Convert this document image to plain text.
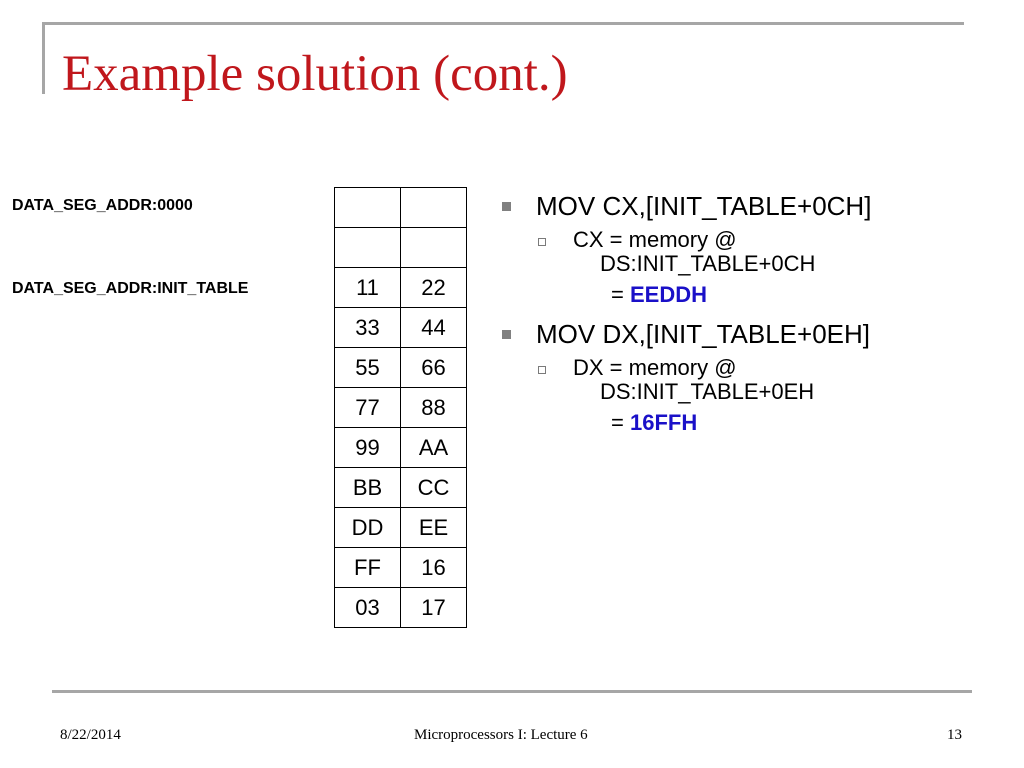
Example solution (cont.)
DATA_SEG_ADDR:0000
DATA_SEG_ADDR:INIT_TABLE

		11	22
33	44
55	66
77	88
99	AA
BB	CC
DD	EE
FF	16
03	17
MOV CX,[INIT_TABLE+0CH]
CX = memory @
DS:INIT_TABLE+0CH
= EEDDH
MOV DX,[INIT_TABLE+0EH]
DX = memory @
DS:INIT_TABLE+0EH
= 16FFH
8/22/2014	Microprocessors I: Lecture 6	13
